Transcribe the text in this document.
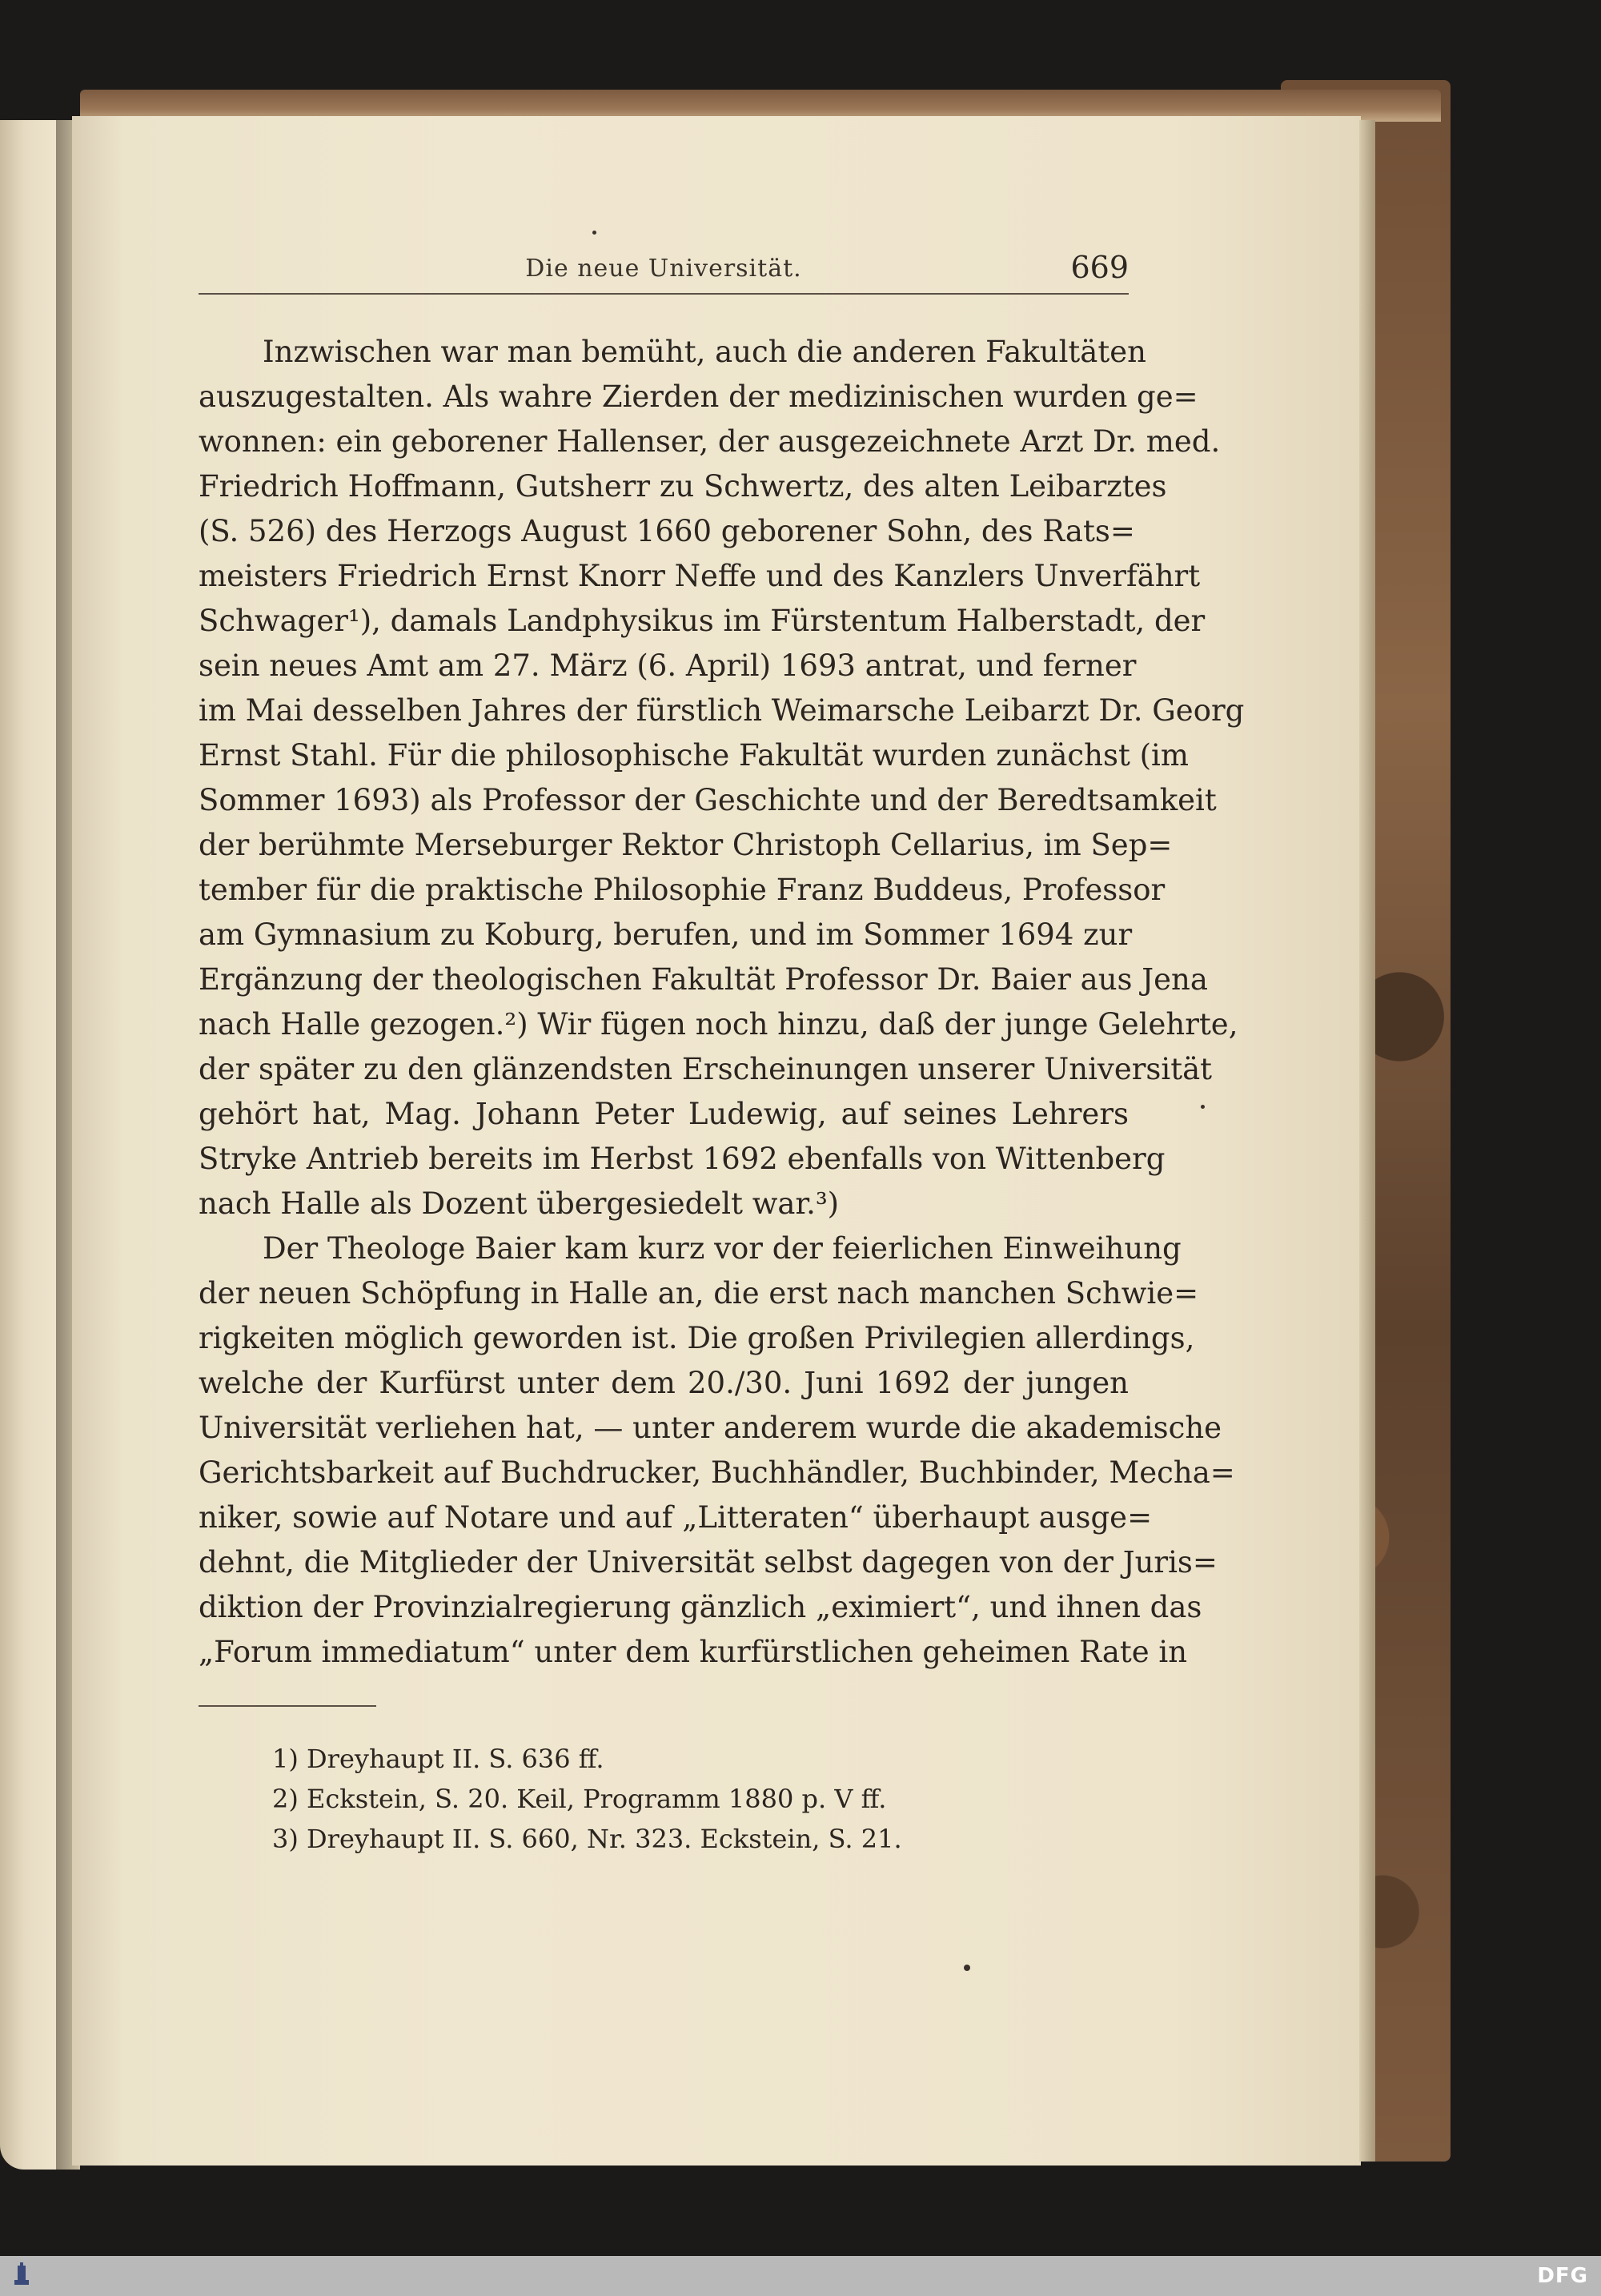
Die neue Universität.	669
Inzwischen war man bemüht, auch die anderen Fakultäten
auszugestalten. Als wahre Zierden der medizinischen wurden ge=
wonnen: ein geborener Hallenser, der ausgezeichnete Arzt Dr. med.
Friedrich Hoffmann, Gutsherr zu Schwertz, des alten Leibarztes
(S. 526) des Herzogs August 1660 geborener Sohn, des Rats=
meisters Friedrich Ernst Knorr Neffe und des Kanzlers Unverfährt
Schwager¹), damals Landphysikus im Fürstentum Halberstadt, der
sein neues Amt am 27. März (6. April) 1693 antrat, und ferner
im Mai desselben Jahres der fürstlich Weimarsche Leibarzt Dr. Georg
Ernst Stahl. Für die philosophische Fakultät wurden zunächst (im
Sommer 1693) als Professor der Geschichte und der Beredtsamkeit
der berühmte Merseburger Rektor Christoph Cellarius, im Sep=
tember für die praktische Philosophie Franz Buddeus, Professor
am Gymnasium zu Koburg, berufen, und im Sommer 1694 zur
Ergänzung der theologischen Fakultät Professor Dr. Baier aus Jena
nach Halle gezogen.²) Wir fügen noch hinzu, daß der junge Gelehrte,
der später zu den glänzendsten Erscheinungen unserer Universität
gehört hat, Mag. Johann Peter Ludewig, auf seines Lehrers
Stryke Antrieb bereits im Herbst 1692 ebenfalls von Wittenberg
nach Halle als Dozent übergesiedelt war.³)
Der Theologe Baier kam kurz vor der feierlichen Einweihung
der neuen Schöpfung in Halle an, die erst nach manchen Schwie=
rigkeiten möglich geworden ist. Die großen Privilegien allerdings,
welche der Kurfürst unter dem 20./30. Juni 1692 der jungen
Universität verliehen hat, — unter anderem wurde die akademische
Gerichtsbarkeit auf Buchdrucker, Buchhändler, Buchbinder, Mecha=
niker, sowie auf Notare und auf „Litteraten“ überhaupt ausge=
dehnt, die Mitglieder der Universität selbst dagegen von der Juris=
diktion der Provinzialregierung gänzlich „eximiert“, und ihnen das
„Forum immediatum“ unter dem kurfürstlichen geheimen Rate in
1) Dreyhaupt II. S. 636 ff.
2) Eckstein, S. 20. Keil, Programm 1880 p. V ff.
3) Dreyhaupt II. S. 660, Nr. 323. Eckstein, S. 21.
DFG
